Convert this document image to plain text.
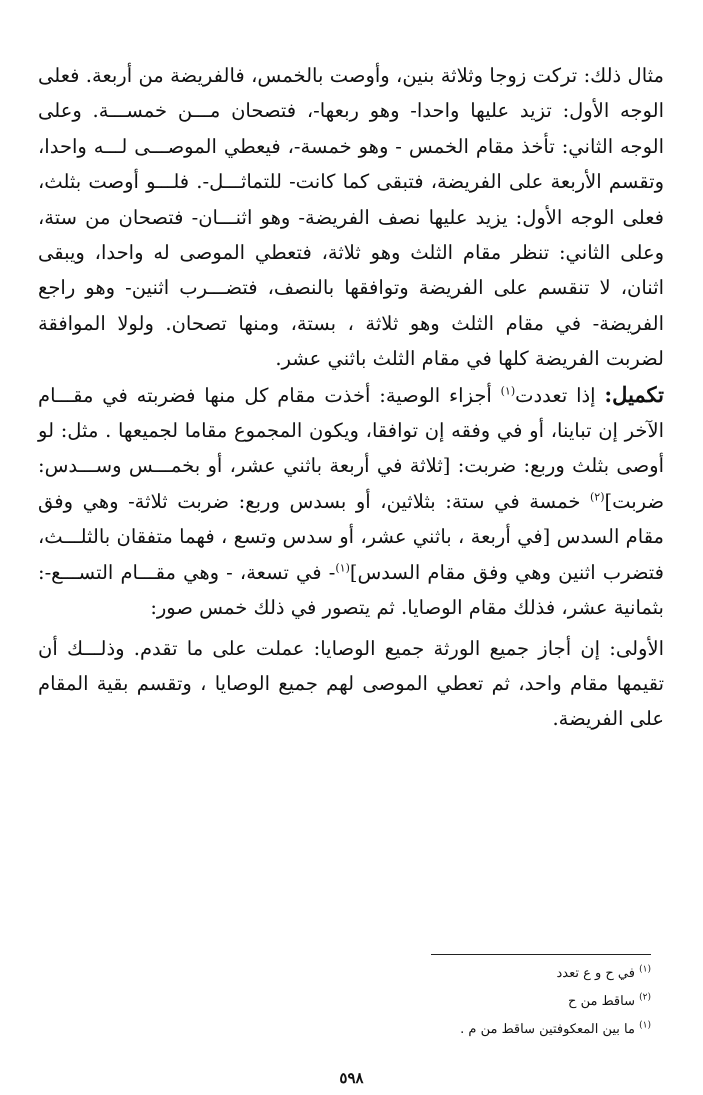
مثال ذلك: تركت زوجا وثلاثة بنين، وأوصت بالخمس، فالفريضة من أربعة. فعلى الوجه الأول: تزيد عليها واحدا- وهو ربعها-، فتصحان مـــن خمســـة. وعلى الوجه الثاني: تأخذ مقام الخمس - وهو خمسة-، فيعطي الموصـــى لـــه واحدا، وتقسم الأربعة على الفريضة، فتبقى كما كانت- للتماثـــل-. فلـــو أوصت بثلث، فعلى الوجه الأول: يزيد عليها نصف الفريضة- وهو اثنـــان- فتصحان من ستة، وعلى الثاني: تنظر مقام الثلث وهو ثلاثة، فتعطي الموصى له واحدا، ويبقى اثنان، لا تنقسم على الفريضة وتوافقها بالنصف، فتضـــرب اثنين- وهو راجع الفريضة- في مقام الثلث وهو ثلاثة ، بستة، ومنها تصحان. ولولا الموافقة لضربت الفريضة كلها في مقام الثلث باثني عشر.

تكميل: إذا تعددت$^{(١)}$ أجزاء الوصية: أخذت مقام كل منها فضربته في مقـــام الآخر إن تباينا، أو في وفقه إن توافقا، ويكون المجموع مقاما لجميعها . مثل: لو أوصى بثلث وربع: ضربت: [ثلاثة في أربعة باثني عشر، أو بخمـــس وســـدس: ضربت]$^{(٢)}$ خمسة في ستة: بثلاثين، أو بسدس وربع: ضربت ثلاثة- وهي وفق مقام السدس [في أربعة ، باثني عشر، أو سدس وتسع ، فهما متفقان بالثلـــث، فتضرب اثنين وهي وفق مقام السدس]$^{(١)}$- في تسعة، - وهي مقـــام التســـع-: بثمانية عشر، فذلك مقام الوصايا. ثم يتصور في ذلك خمس صور:

الأولى: إن أجاز جميع الورثة جميع الوصايا: عملت على ما تقدم. وذلـــك أن تقيمها مقام واحد، ثم تعطي الموصى لهم جميع الوصايا ، وتقسم بقية المقام على الفريضة.

$^{(١)}$ في ح و ع تعدد

$^{(٢)}$ ساقط من ح

$^{(١)}$ ما بين المعكوفتين ساقط من م .

٥٩٨
